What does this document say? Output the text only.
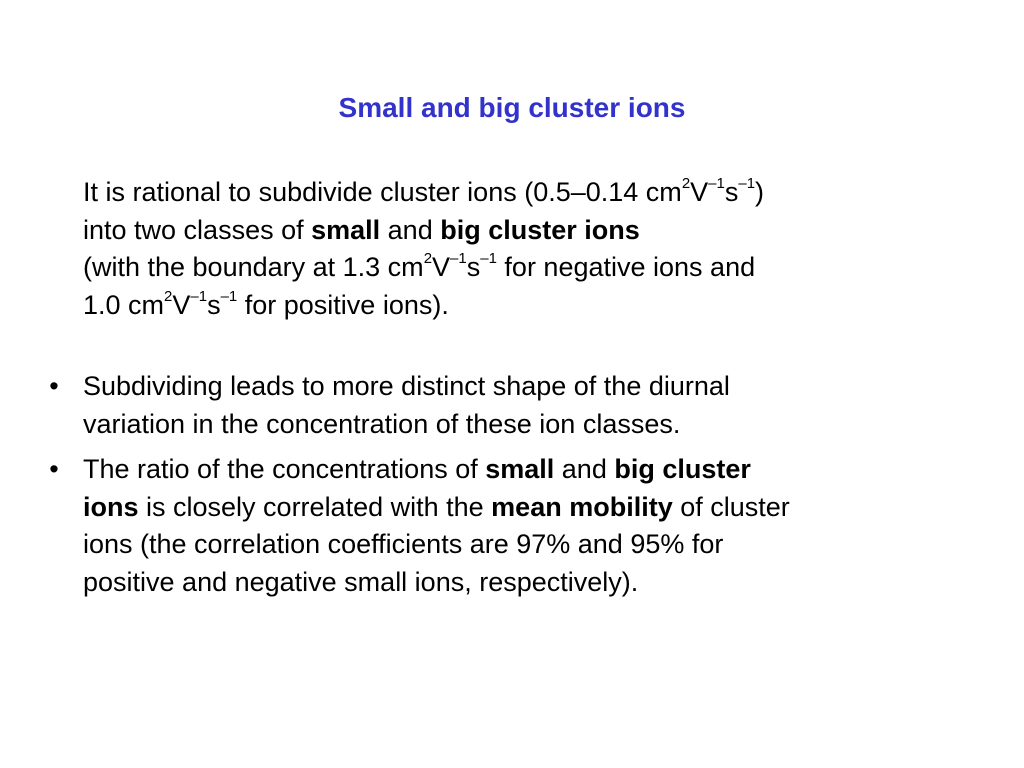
Small and big cluster ions
It is rational to subdivide cluster ions (0.5–0.14 $cm^2V^{-1}s^{-1}$)
into two classes of small and big cluster ions
(with the boundary at 1.3 $cm^2V^{-1}s^{-1}$ for negative ions and
1.0 $cm^2V^{-1}s^{-1}$ for positive ions).
• Subdividing leads to more distinct shape of the diurnal
variation in the concentration of these ion classes.
• The ratio of the concentrations of small and big cluster
ions is closely correlated with the mean mobility of cluster
ions (the correlation coefficients are 97% and 95% for
positive and negative small ions, respectively).
